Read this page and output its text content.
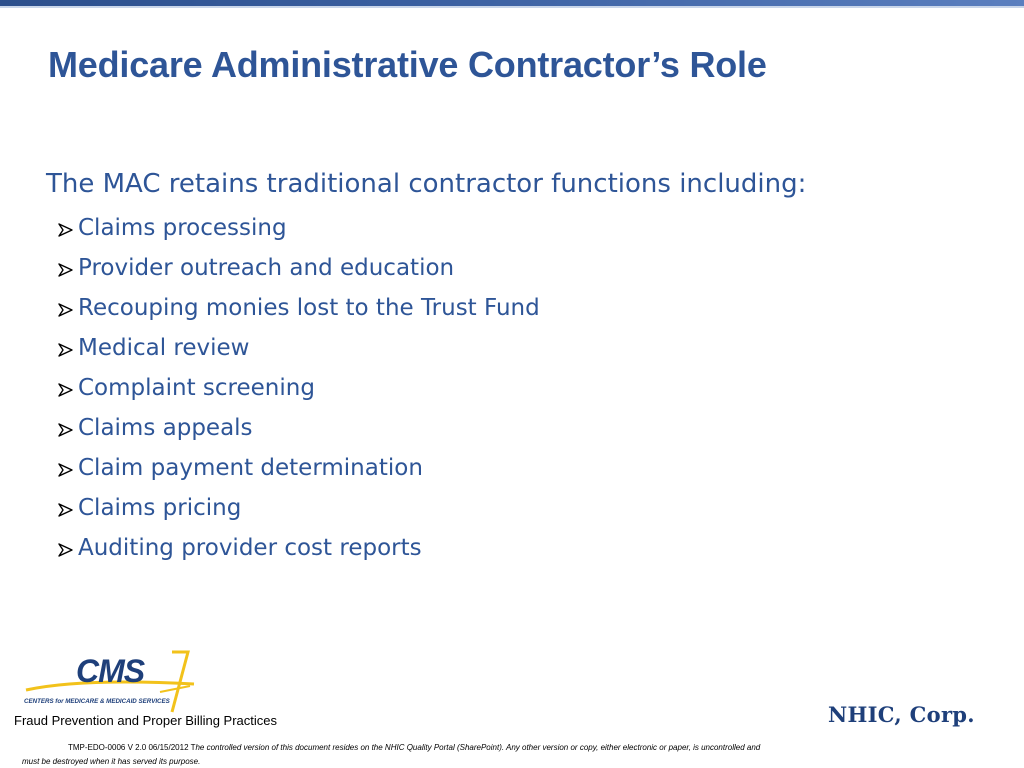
Medicare Administrative Contractor’s Role
The MAC retains traditional contractor functions including:
Claims processing
Provider outreach and education
Recouping monies lost to the Trust Fund
Medical review
Complaint screening
Claims appeals
Claim payment determination
Claims pricing
Auditing provider cost reports
CMS
CENTERS for MEDICARE & MEDICAID SERVICES
Fraud Prevention and Proper Billing Practices	NHIC, Corp.
TMP-EDO-0006 V 2.0 06/15/2012 The controlled version of this document resides on the NHIC Quality Portal (SharePoint). Any other version or copy, either electronic or paper, is uncontrolled and
must be destroyed when it has served its purpose.
